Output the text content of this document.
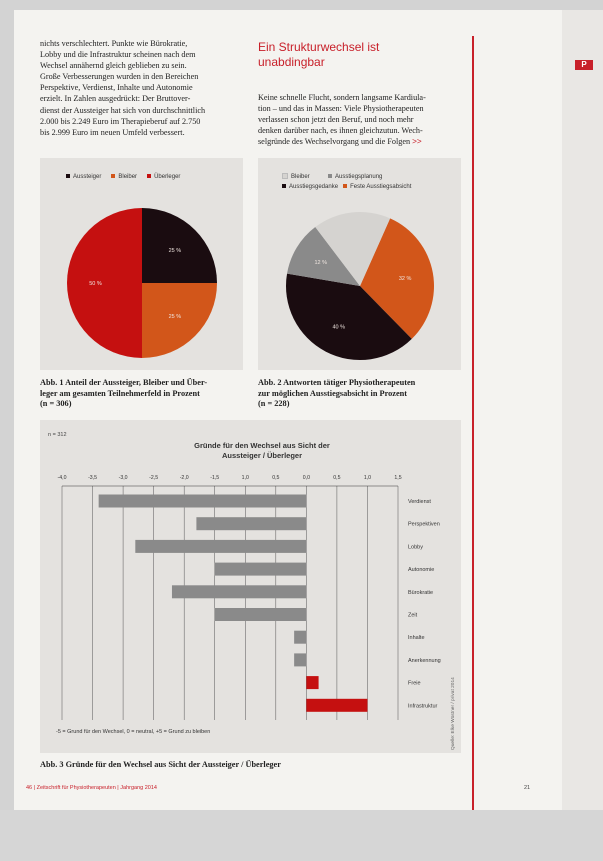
P
nichts verschlechtert. Punkte wie Bürokratie,
Lobby und die Infrastruktur scheinen nach dem
Wechsel annähernd gleich geblieben zu sein.
Große Verbesserungen wurden in den Bereichen
Perspektive, Verdienst, Inhalte und Autonomie
erzielt. In Zahlen ausgedrückt: Der Bruttover-
dienst der Aussteiger hat sich von durchschnittlich
2.000 bis 2.249 Euro im Therapieberuf auf 2.750
bis 2.999 Euro im neuen Umfeld verbessert.
Ein Strukturwechsel ist
unabdingbar
Keine schnelle Flucht, sondern langsame Kardiula-
tion – und das in Massen: Viele Physiotherapeuten
verlassen schon jetzt den Beruf, und noch mehr
denken darüber nach, es ihnen gleichzutun. Wech-
selgründe des Wechselvorgang und die Folgen >>
Aussteiger	Bleiber	Überleger
25 %
25 %
50 %
Abb. 1 Anteil der Aussteiger, Bleiber und Über-
leger am gesamten Teilnehmerfeld in Prozent
(n = 306)
Bleiber	Ausstiegsplanung
Ausstiegsgedanke Feste Ausstiegsabsicht
32 %
40 %
12 %
Abb. 2 Antworten tätiger Physiotherapeuten
zur möglichen Ausstiegsabsicht in Prozent
(n = 228)
n = 312
Gründe für den Wechsel aus Sicht der
Aussteiger / Überleger
-5 = Grund für den Wechsel, 0 = neutral, +5 = Grund zu bleiben	Quelle: Elke Wüstner / privat 2014
-4,0	-3,5	-3,0	-2,5	-2,0	-1,5	1,0	0,5	0,0	0,5	1,0	1,5
Verdienst
Perspektiven
Lobby
Autonomie
Bürokratie
Zeit
Inhalte
Anerkennung
Freie
Infrastruktur
Abb. 3 Gründe für den Wechsel aus Sicht der Aussteiger / Überleger
46 | Zeitschrift für Physiotherapeuten | Jahrgang 2014	21
